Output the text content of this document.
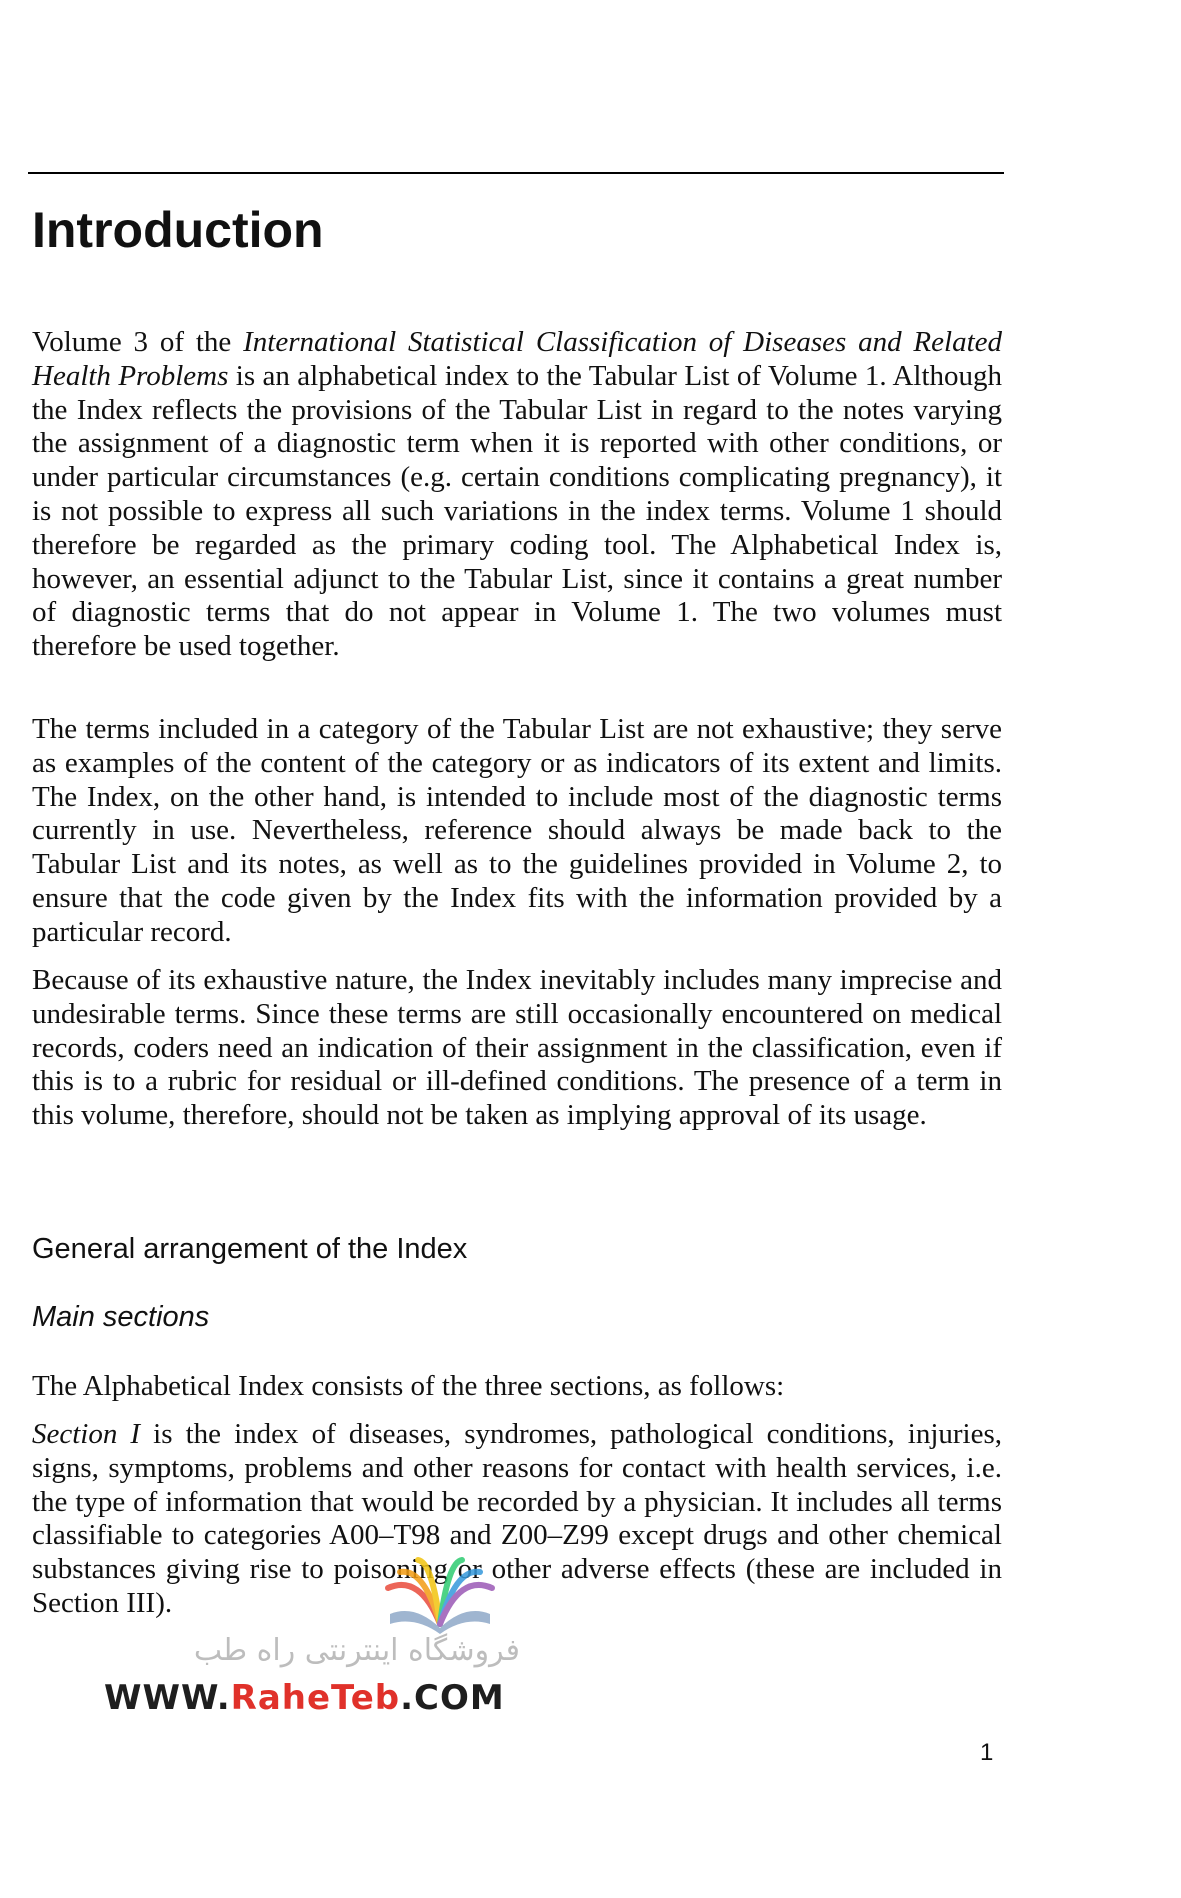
Introduction

Volume 3 of the International Statistical Classification of Diseases and Related Health Problems is an alphabetical index to the Tabular List of Volume 1. Although the Index reflects the provisions of the Tabular List in regard to the notes varying the assignment of a diagnostic term when it is reported with other conditions, or under particular circumstances (e.g. certain conditions complicating pregnancy), it is not possible to express all such variations in the index terms. Volume 1 should therefore be regarded as the primary coding tool. The Alphabetical Index is, however, an essential adjunct to the Tabular List, since it contains a great number of diagnostic terms that do not appear in Volume 1. The two volumes must therefore be used together.

The terms included in a category of the Tabular List are not exhaustive; they serve as examples of the content of the category or as indicators of its extent and limits. The Index, on the other hand, is intended to include most of the diagnostic terms currently in use. Nevertheless, reference should always be made back to the Tabular List and its notes, as well as to the guidelines provided in Volume 2, to ensure that the code given by the Index fits with the information provided by a particular record.

Because of its exhaustive nature, the Index inevitably includes many imprecise and undesirable terms. Since these terms are still occasionally encountered on medical records, coders need an indication of their assignment in the classification, even if this is to a rubric for residual or ill-defined conditions. The presence of a term in this volume, therefore, should not be taken as implying approval of its usage.

General arrangement of the Index
Main sections

The Alphabetical Index consists of the three sections, as follows:

Section I is the index of diseases, syndromes, pathological conditions, injuries, signs, symptoms, problems and other reasons for contact with health services, i.e. the type of information that would be recorded by a physician. It includes all terms classifiable to categories A00–T98 and Z00–Z99 except drugs and other chemical substances giving rise to poisoning or other adverse effects (these are included in Section III).

فروشگاه اینترنتی راه طب
WWW.RaheTeb.COM
1
